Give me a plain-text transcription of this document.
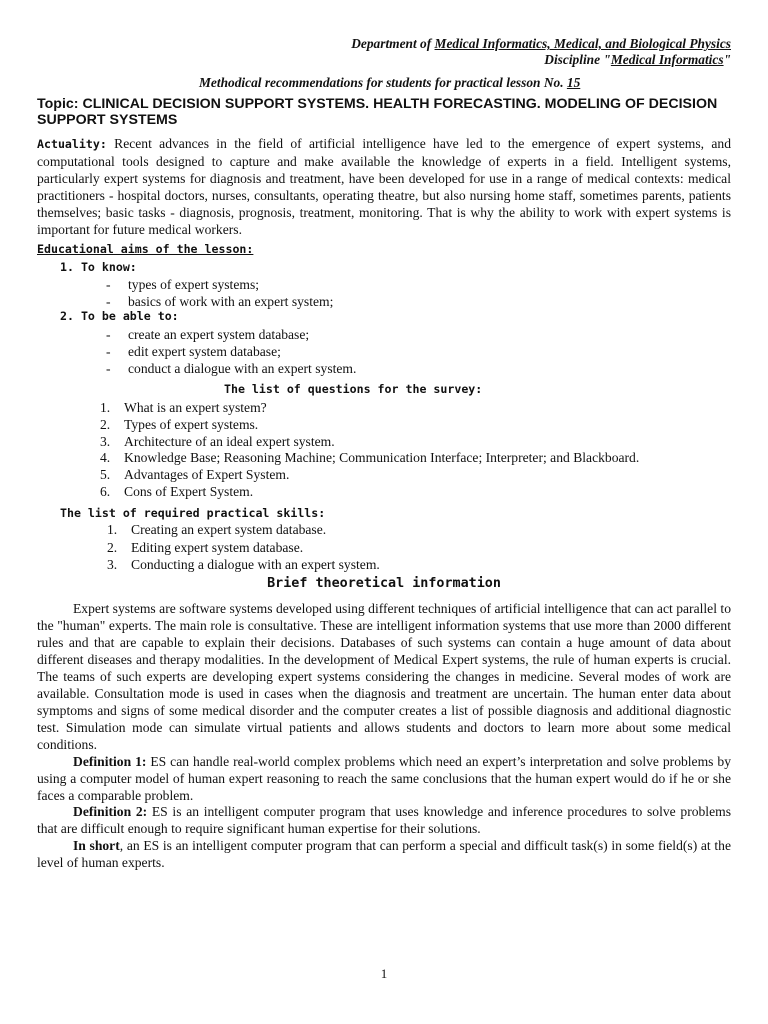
Department of Medical Informatics, Medical, and Biological Physics
Discipline "Medical Informatics"
Methodical recommendations for students for practical lesson No. 15
Topic: CLINICAL DECISION SUPPORT SYSTEMS. HEALTH FORECASTING. MODELING OF DECISION SUPPORT SYSTEMS
Actuality: Recent advances in the field of artificial intelligence have led to the emergence of expert systems, and computational tools designed to capture and make available the knowledge of experts in a field. Intelligent systems, particularly expert systems for diagnosis and treatment, have been developed for use in a range of medical contexts: medical practitioners - hospital doctors, nurses, consultants, operating theatre, but also nursing home staff, sometimes parents, patients themselves; basic tasks - diagnosis, prognosis, treatment, monitoring. That is why the ability to work with expert systems is important for future medical workers.
Educational aims of the lesson:
1. To know:
- types of expert systems;
- basics of work with an expert system;
2. To be able to:
- create an expert system database;
- edit expert system database;
- conduct a dialogue with an expert system.
The list of questions for the survey:
1. What is an expert system?
2. Types of expert systems.
3. Architecture of an ideal expert system.
4. Knowledge Base; Reasoning Machine; Communication Interface; Interpreter; and Blackboard.
5. Advantages of Expert System.
6. Cons of Expert System.
The list of required practical skills:
1. Creating an expert system database.
2. Editing expert system database.
3. Conducting a dialogue with an expert system.
Brief theoretical information
Expert systems are software systems developed using different techniques of artificial intelligence that can act parallel to the "human" experts. The main role is consultative. These are intelligent information systems that use more than 2000 different rules and that are capable to explain their decisions. Databases of such systems can contain a huge amount of data about different diseases and therapy modalities. In the development of Medical Expert systems, the rule of human experts is crucial. The teams of such experts are developing expert systems considering the changes in medicine. Several modes of work are available. Consultation mode is used in cases when the diagnosis and treatment are uncertain. The human enter data about symptoms and signs of some medical disorder and the computer creates a list of possible diagnosis and additional diagnostic test. Simulation mode can simulate virtual patients and allows students and doctors to learn more about some medical conditions.
Definition 1: ES can handle real-world complex problems which need an expert’s interpretation and solve problems by using a computer model of human expert reasoning to reach the same conclusions that the human expert would do if he or she faces a comparable problem.
Definition 2: ES is an intelligent computer program that uses knowledge and inference procedures to solve problems that are difficult enough to require significant human expertise for their solutions.
In short, an ES is an intelligent computer program that can perform a special and difficult task(s) in some field(s) at the level of human experts.
1
